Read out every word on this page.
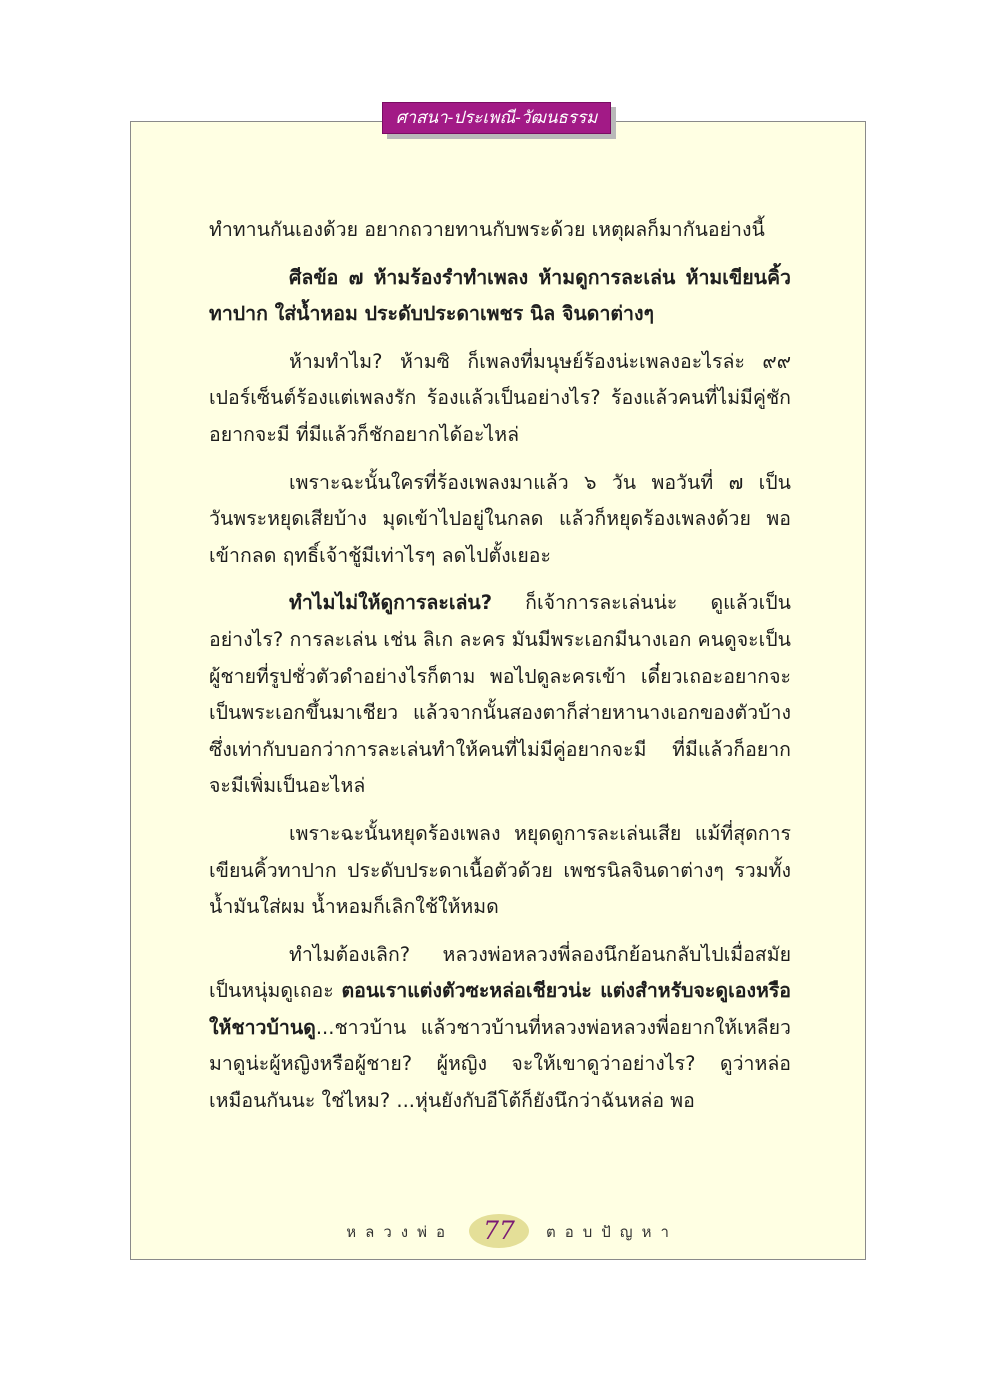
ศาสนา-ประเพณี-วัฒนธรรม

ทำทานกันเองด้วย อยากถวายทานกับพระด้วย เหตุผลก็มากันอย่างนี้

ศีลข้อ ๗ ห้ามร้องรำทำเพลง ห้ามดูการละเล่น ห้ามเขียนคิ้วทาปาก ใส่น้ำหอม ประดับประดาเพชร นิล จินดาต่างๆ

ห้ามทำไม? ห้ามซิ ก็เพลงที่มนุษย์ร้องน่ะเพลงอะไรล่ะ ๙๙ เปอร์เซ็นต์ร้องแต่เพลงรัก ร้องแล้วเป็นอย่างไร? ร้องแล้วคนที่ไม่มีคู่ชักอยากจะมี ที่มีแล้วก็ชักอยากได้อะไหล่

เพราะฉะนั้นใครที่ร้องเพลงมาแล้ว ๖ วัน พอวันที่ ๗ เป็นวันพระหยุดเสียบ้าง มุดเข้าไปอยู่ในกลด แล้วก็หยุดร้องเพลงด้วย พอเข้ากลด ฤทธิ์เจ้าชู้มีเท่าไรๆ ลดไปตั้งเยอะ

ทำไมไม่ให้ดูการละเล่น? ก็เจ้าการละเล่นน่ะ ดูแล้วเป็นอย่างไร? การละเล่น เช่น ลิเก ละคร มันมีพระเอกมีนางเอก คนดูจะเป็นผู้ชายที่รูปชั่วตัวดำอย่างไรก็ตาม พอไปดูละครเข้า เดี๋ยวเถอะอยากจะเป็นพระเอกขึ้นมาเชียว แล้วจากนั้นสองตาก็ส่ายหานางเอกของตัวบ้าง ซึ่งเท่ากับบอกว่าการละเล่นทำให้คนที่ไม่มีคู่อยากจะมี ที่มีแล้วก็อยากจะมีเพิ่มเป็นอะไหล่

เพราะฉะนั้นหยุดร้องเพลง หยุดดูการละเล่นเสีย แม้ที่สุดการเขียนคิ้วทาปาก ประดับประดาเนื้อตัวด้วย เพชรนิลจินดาต่างๆ รวมทั้งน้ำมันใส่ผม น้ำหอมก็เลิกใช้ให้หมด

ทำไมต้องเลิก? หลวงพ่อหลวงพี่ลองนึกย้อนกลับไปเมื่อสมัยเป็นหนุ่มดูเถอะ ตอนเราแต่งตัวซะหล่อเชียวน่ะ แต่งสำหรับจะดูเองหรือให้ชาวบ้านดู...ชาวบ้าน แล้วชาวบ้านที่หลวงพ่อหลวงพี่อยากให้เหลียวมาดูน่ะผู้หญิงหรือผู้ชาย? ผู้หญิง จะให้เขาดูว่าอย่างไร? ดูว่าหล่อเหมือนกันนะ ใช่ไหม? ...หุ่นยังกับอีโต้ก็ยังนึกว่าฉันหล่อ พอ

หลวงพ่อ	77	ตอบปัญหา
